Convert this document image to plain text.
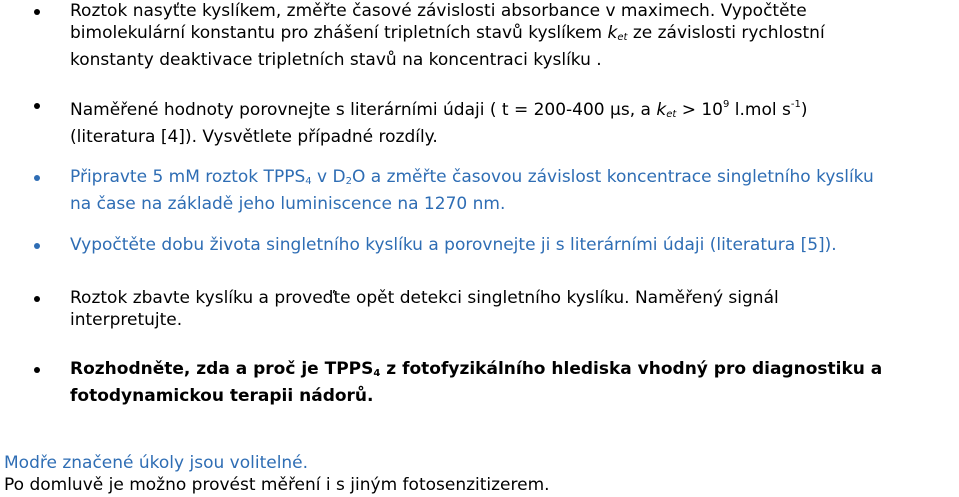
Roztok nasyťte kyslíkem, změřte časové závislosti absorbance v maximech. Vypočtěte
bimolekulární konstantu pro zhášení tripletních stavů kyslíkem ket ze závislosti rychlostní
konstanty deaktivace tripletních stavů na koncentraci kyslíku .
Naměřené hodnoty porovnejte s literárními údaji ( t = 200-400 μs, a ket > $10^9$ l.mol $s^{-1}$)
(literatura [4]). Vysvětlete případné rozdíly.
Připravte 5 mM roztok $TPPS_4$ v $D_2O$ a změřte časovou závislost koncentrace singletního kyslíku
na čase na základě jeho luminiscence na 1270 nm.
Vypočtěte dobu života singletního kyslíku a porovnejte ji s literárními údaji (literatura [5]).
Roztok zbavte kyslíku a proveďte opět detekci singletního kyslíku. Naměřený signál
interpretujte.
Rozhodněte, zda a proč je $TPPS_4$ z fotofyzikálního hlediska vhodný pro diagnostiku a
fotodynamickou terapii nádorů.
Modře značené úkoly jsou volitelné.
Po domluvě je možno provést měření i s jiným fotosenzitizerem.
